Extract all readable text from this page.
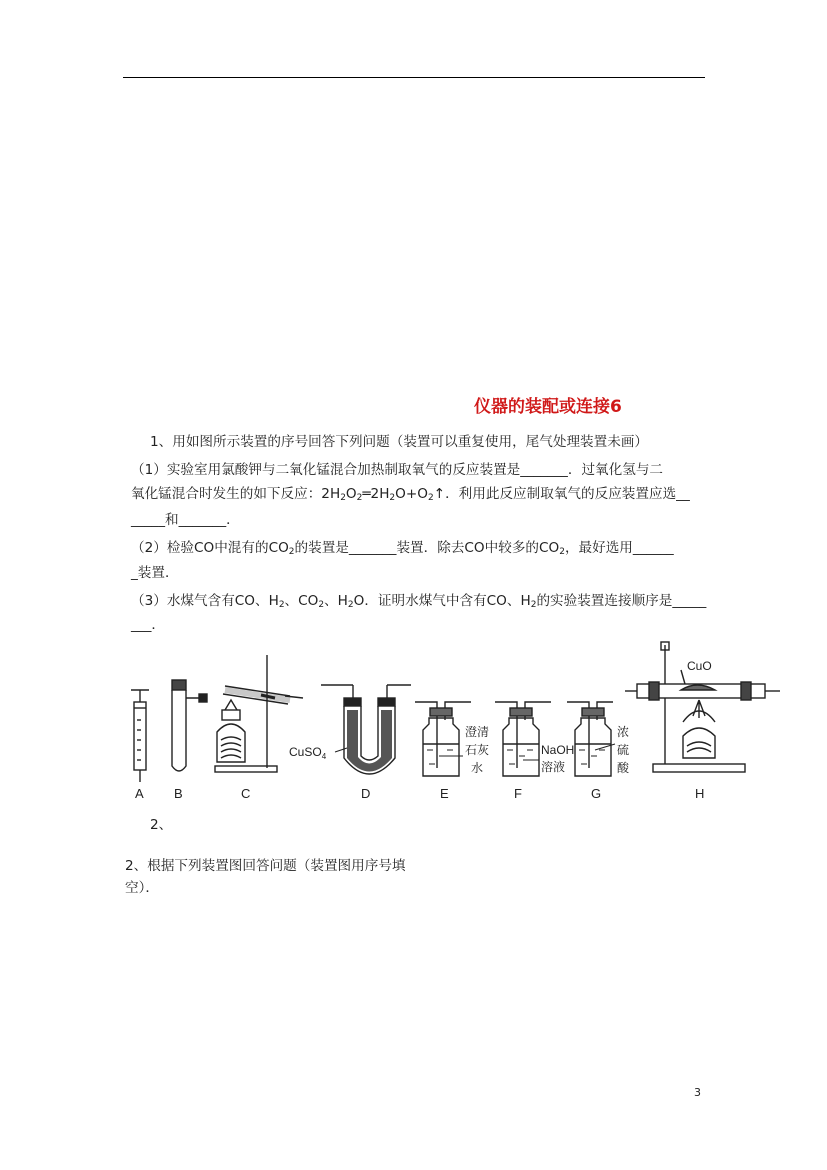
仪器的装配或连接6
1、用如图所示装置的序号回答下列问题（装置可以重复使用，尾气处理装置未画）
（1）实验室用氯酸钾与二氧化锰混合加热制取氧气的反应装置是_______．过氧化氢与二
氧化锰混合时发生的如下反应：$2H_2O_2═2H_2O+O_2↑$．利用此反应制取氧气的反应装置应选__
_____和_______．
（2）检验CO中混有的$CO_2$的装置是_______装置．除去CO中较多的$CO_2$，最好选用______
_装置．
（3）水煤气含有CO、$H_2$、$CO_2$、$H_2O$．证明水煤气中含有CO、$H_2$的实验装置连接顺序是_____
___．
A B	C	D	E	F	G	H
CuSO$_4$
澄清
石灰
水
NaOH
溶液
浓
硫
酸
CuO
2、
2、根据下列装置图回答问题（装置图用序号填
空）．
3
